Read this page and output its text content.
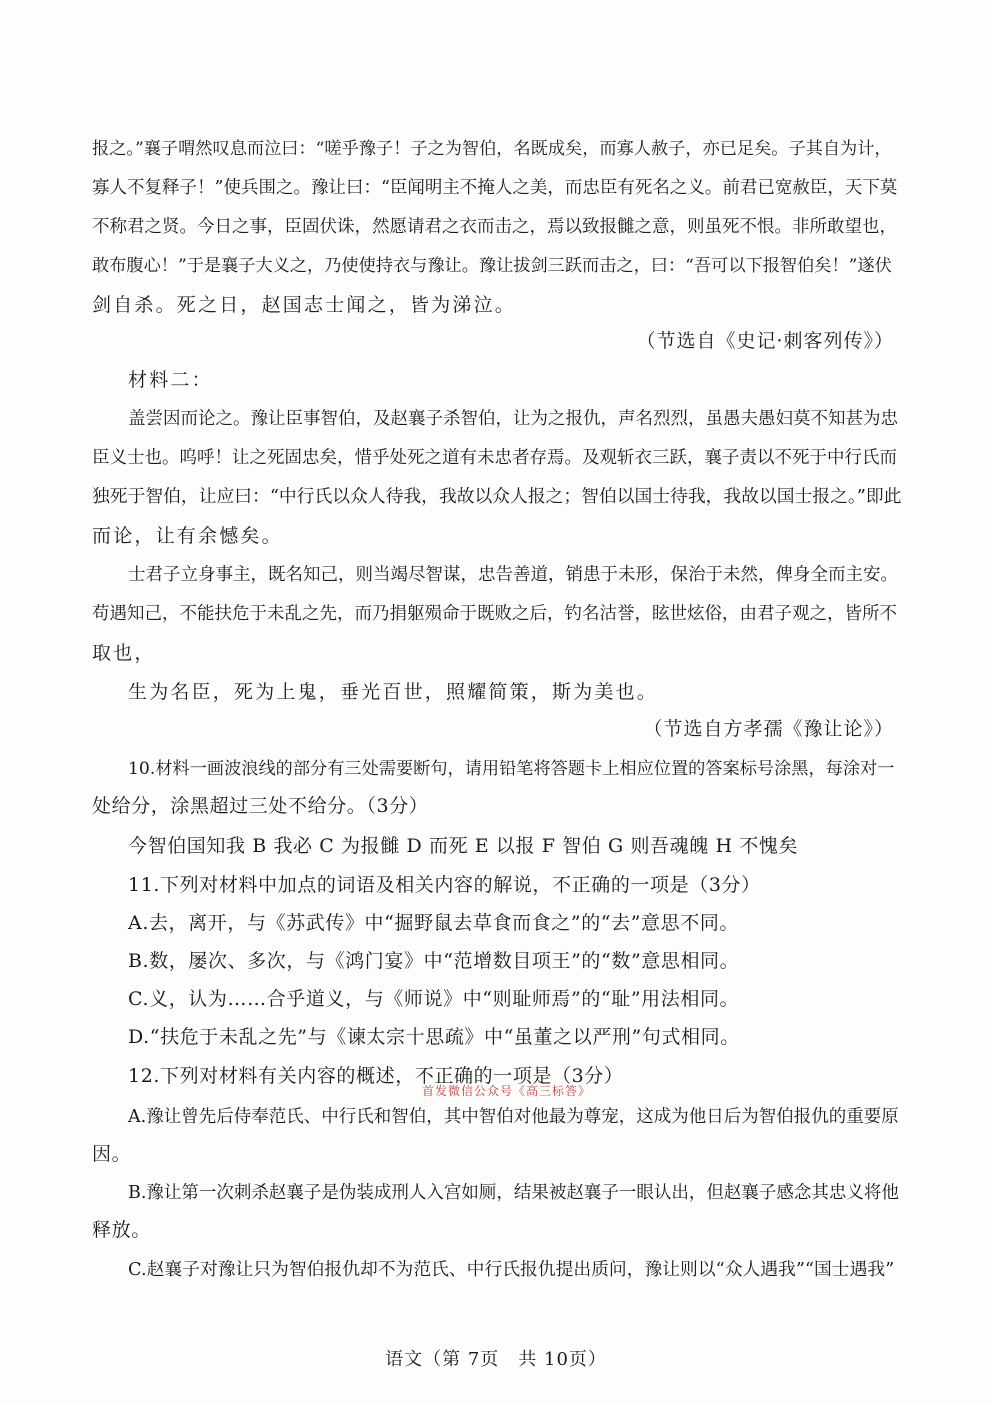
报之。”襄子喟然叹息而泣曰：“嗟乎豫子！子之为智伯，名既成矣，而寡人赦子，亦已足矣。子其自为计，
寡人不复释子！”使兵围之。豫让曰：“臣闻明主不掩人之美，而忠臣有死名之义。前君已宽赦臣，天下莫
不称君之贤。今日之事，臣固伏诛，然愿请君之衣而击之，焉以致报雠之意，则虽死不恨。非所敢望也，
敢布腹心！”于是襄子大义之，乃使使持衣与豫让。豫让拔剑三跃而击之，曰：“吾可以下报智伯矣！”遂伏
剑自杀。死之日，赵国志士闻之，皆为涕泣。
（节选自《史记·刺客列传》）
材料二：
盖尝因而论之。豫让臣事智伯，及赵襄子杀智伯，让为之报仇，声名烈烈，虽愚夫愚妇莫不知甚为忠
臣义士也。呜呼！让之死固忠矣，惜乎处死之道有未忠者存焉。及观斩衣三跃，襄子责以不死于中行氏而
独死于智伯，让应曰：“中行氏以众人待我，我故以众人报之；智伯以国士待我，我故以国士报之。”即此
而论，让有余憾矣。
士君子立身事主，既名知己，则当竭尽智谋，忠告善道，销患于未形，保治于未然，俾身全而主安。
苟遇知己，不能扶危于未乱之先，而乃捐躯殒命于既败之后，钓名沽誉，眩世炫俗，由君子观之，皆所不
取也，
生为名臣，死为上鬼，垂光百世，照耀简策，斯为美也。
（节选自方孝孺《豫让论》）
10.材料一画波浪线的部分有三处需要断句，请用铅笔将答题卡上相应位置的答案标号涂黑，每涂对一
处给分，涂黑超过三处不给分。（3分）
今智伯国知我 B 我必 C 为报雠 D 而死 E 以报 F 智伯 G 则吾魂魄 H 不愧矣
11.下列对材料中加点的词语及相关内容的解说，不正确的一项是（3分）
A.去，离开，与《苏武传》中“掘野鼠去草食而食之”的“去”意思不同。
B.数，屡次、多次，与《鸿门宴》中“范增数目项王”的“数”意思相同。
C.义，认为……合乎道义，与《师说》中“则耻师焉”的“耻”用法相同。
D.“扶危于未乱之先”与《谏太宗十思疏》中“虽董之以严刑”句式相同。
12.下列对材料有关内容的概述，不正确的一项是（3分）
首发微信公众号《高三标答》
A.豫让曾先后侍奉范氏、中行氏和智伯，其中智伯对他最为尊宠，这成为他日后为智伯报仇的重要原
因。
B.豫让第一次刺杀赵襄子是伪装成刑人入宫如厕，结果被赵襄子一眼认出，但赵襄子感念其忠义将他
释放。
C.赵襄子对豫让只为智伯报仇却不为范氏、中行氏报仇提出质问，豫让则以“众人遇我”“国士遇我”
语文（第 7页　共 10页）
